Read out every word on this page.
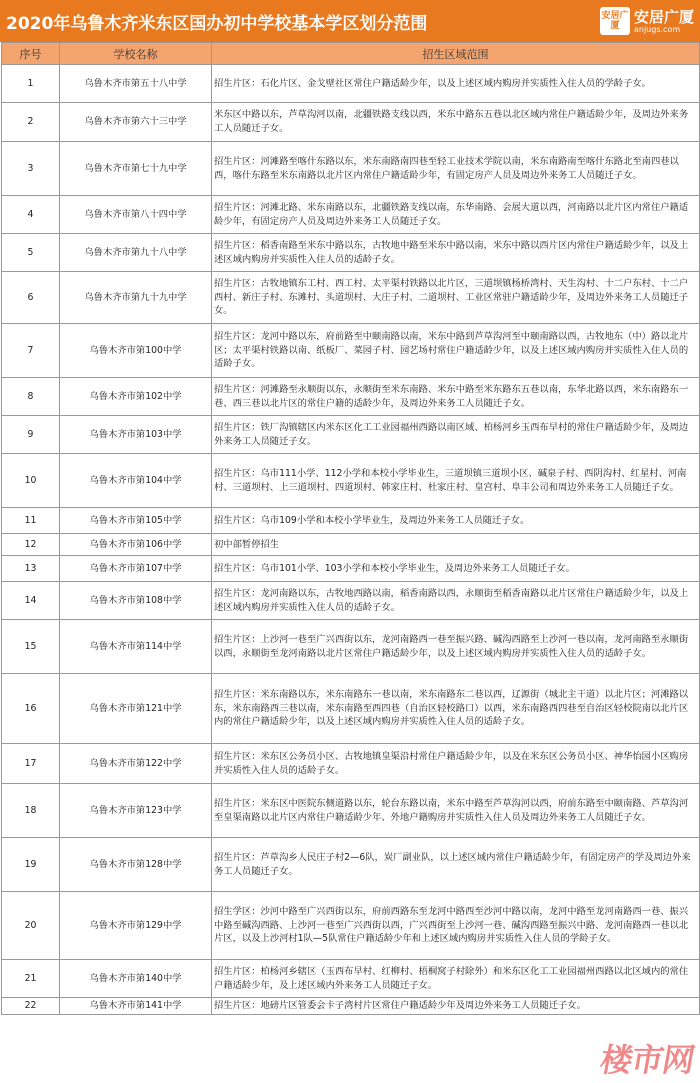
2020年乌鲁木齐米东区国办初中学校基本学区划分范围	安居广厦
安居广厦
anjugs.com
序号	学校名称	招生区域范围
1	乌鲁木齐市第五十八中学	招生片区：石化片区、金戈壁社区常住户籍适龄少年，以及上述区域内购房并实质性入住人员的学龄子女。
2	乌鲁木齐市第六十三中学	米东区中路以东，芦草沟河以南，北疆铁路支线以西，米东中路东五巷以北区域内常住户籍适龄少年，及周边外来务工人员随迁子女。
3	乌鲁木齐市第七十九中学	招生片区：河滩路至喀什东路以东，米东南路南四巷至轻工业技术学院以南，米东南路南至喀什东路北至南四巷以西，喀什东路至米东南路以北片区内常住户籍适龄少年，有固定房产人员及周边外来务工人员随迁子女。
4	乌鲁木齐市第八十四中学	招生片区：河滩北路、米东南路以东，北疆铁路支线以南，东华南路、会展大道以西，河南路以北片区内常住户籍适龄少年，有固定房产人员及周边外来务工人员随迁子女。
5	乌鲁木齐市第九十八中学	招生片区：稻香南路至米东中路以东，古牧地中路至米东中路以南，米东中路以西片区内常住户籍适龄少年，以及上述区域内购房并实质性入住人员的适龄子女。
6	乌鲁木齐市第九十九中学	招生片区：古牧地镇东工村、西工村、太平渠村铁路以北片区，三道坝镇杨桥湾村、天生沟村、十二户东村、十二户西村、新庄子村、东滩村、头道坝村、大庄子村、二道坝村、工业区常驻户籍适龄少年，及周边外来务工人员随迁子女。
7	乌鲁木齐市第100中学	招生片区：龙河中路以东，府前路至中颐南路以南，米东中路到芦草沟河至中颐南路以西，古牧地东（中）路以北片区；太平渠村铁路以南、纸板厂、菜园子村、园艺场村常住户籍适龄少年，以及上述区域内购房并实质性入住人员的适龄子女。
8	乌鲁木齐市第102中学	招生片区：河滩路至永顺街以东，永顺街至米东南路、米东中路至米东路东五巷以南，东华北路以西，米东南路东一巷、西三巷以北片区的常住户籍的适龄少年，及周边外来务工人员随迁子女。
9	乌鲁木齐市第103中学	招生片区：铁厂沟镇辖区内米东区化工工业园福州西路以南区域、柏杨河乡玉西布早村的常住户籍适龄少年，及周边外来务工人员随迁子女。
10	乌鲁木齐市第104中学	招生片区：乌市111小学、112小学和本校小学毕业生，三道坝镇三道坝小区、碱泉子村、西阴沟村、红星村、河南村、三道坝村、上三道坝村、四道坝村、韩家庄村、杜家庄村、皇宫村、阜丰公司和周边外来务工人员随迁子女。
11	乌鲁木齐市第105中学	招生片区：乌市109小学和本校小学毕业生，及周边外来务工人员随迁子女。
12	乌鲁木齐市第106中学	初中部暂停招生
13	乌鲁木齐市第107中学	招生片区：乌市101小学、103小学和本校小学毕业生，及周边外来务工人员随迁子女。
14	乌鲁木齐市第108中学	招生片区：龙河南路以东，古牧地西路以南，稻香南路以西，永顺街至稻香南路以北片区常住户籍适龄少年，以及上述区域内购房并实质性入住人员的适龄子女。
15	乌鲁木齐市第114中学	招生片区：上沙河一巷至广兴西街以东，龙河南路西一巷至振兴路、碱沟西路至上沙河一巷以南，龙河南路至永顺街以西，永顺街至龙河南路以北片区常住户籍适龄少年，以及上述区域内购房并实质性入住人员的适龄子女。
16	乌鲁木齐市第121中学	招生片区：米东南路以东，米东南路东一巷以南，米东南路东二巷以西，辽源街（城北主干道）以北片区；河滩路以东，米东南路西三巷以南，米东南路至西四巷（自治区轻校路口）以西，米东南路西四巷至自治区轻校院南以北片区内的常住户籍适龄少年，以及上述区域内购房并实质性入住人员的适龄子女。
17	乌鲁木齐市第122中学	招生片区：米东区公务员小区、古牧地镇皇渠沿村常住户籍适龄少年，以及在米东区公务员小区、神华怡园小区购房并实质性入住人员的适龄子女。
18	乌鲁木齐市第123中学	招生片区：米东区中医院东侧道路以东，轮台东路以南，米东中路至芦草沟河以西，府前东路至中颐南路、芦草沟河至皇渠南路以北片区内常住户籍适龄少年、外地户籍购房并实质性入住人员及周边外来务工人员随迁子女。
19	乌鲁木齐市第128中学	招生片区：芦草沟乡人民庄子村2—6队，炭厂副业队，以上述区域内常住户籍适龄少年，有固定房产的学及周边外来务工人员随迁子女。
20	乌鲁木齐市第129中学	招生学区：沙河中路至广兴西街以东，府前西路东至龙河中路西至沙河中路以南，龙河中路至龙河南路西一巷、振兴中路至碱沟西路、上沙河一巷至广兴西街以西，广兴西街至上沙河一巷、碱沟西路至振兴中路、龙河南路西一巷以北片区，以及上沙河村1队—5队常住户籍适龄少年和上述区域内购房并实质性入住人员的学龄子女。
21	乌鲁木齐市第140中学	招生片区：柏杨河乡辖区（玉西布早村、红柳村、梧桐窝子村除外）和米东区化工工业园福州西路以北区域内的常住户籍适龄少年，及上述区域内外来务工人员随迁子女。
22	乌鲁木齐市第141中学	招生片区：地磅片区管委会卡子湾村片区常住户籍适龄少年及周边外来务工人员随迁子女。
楼市网
